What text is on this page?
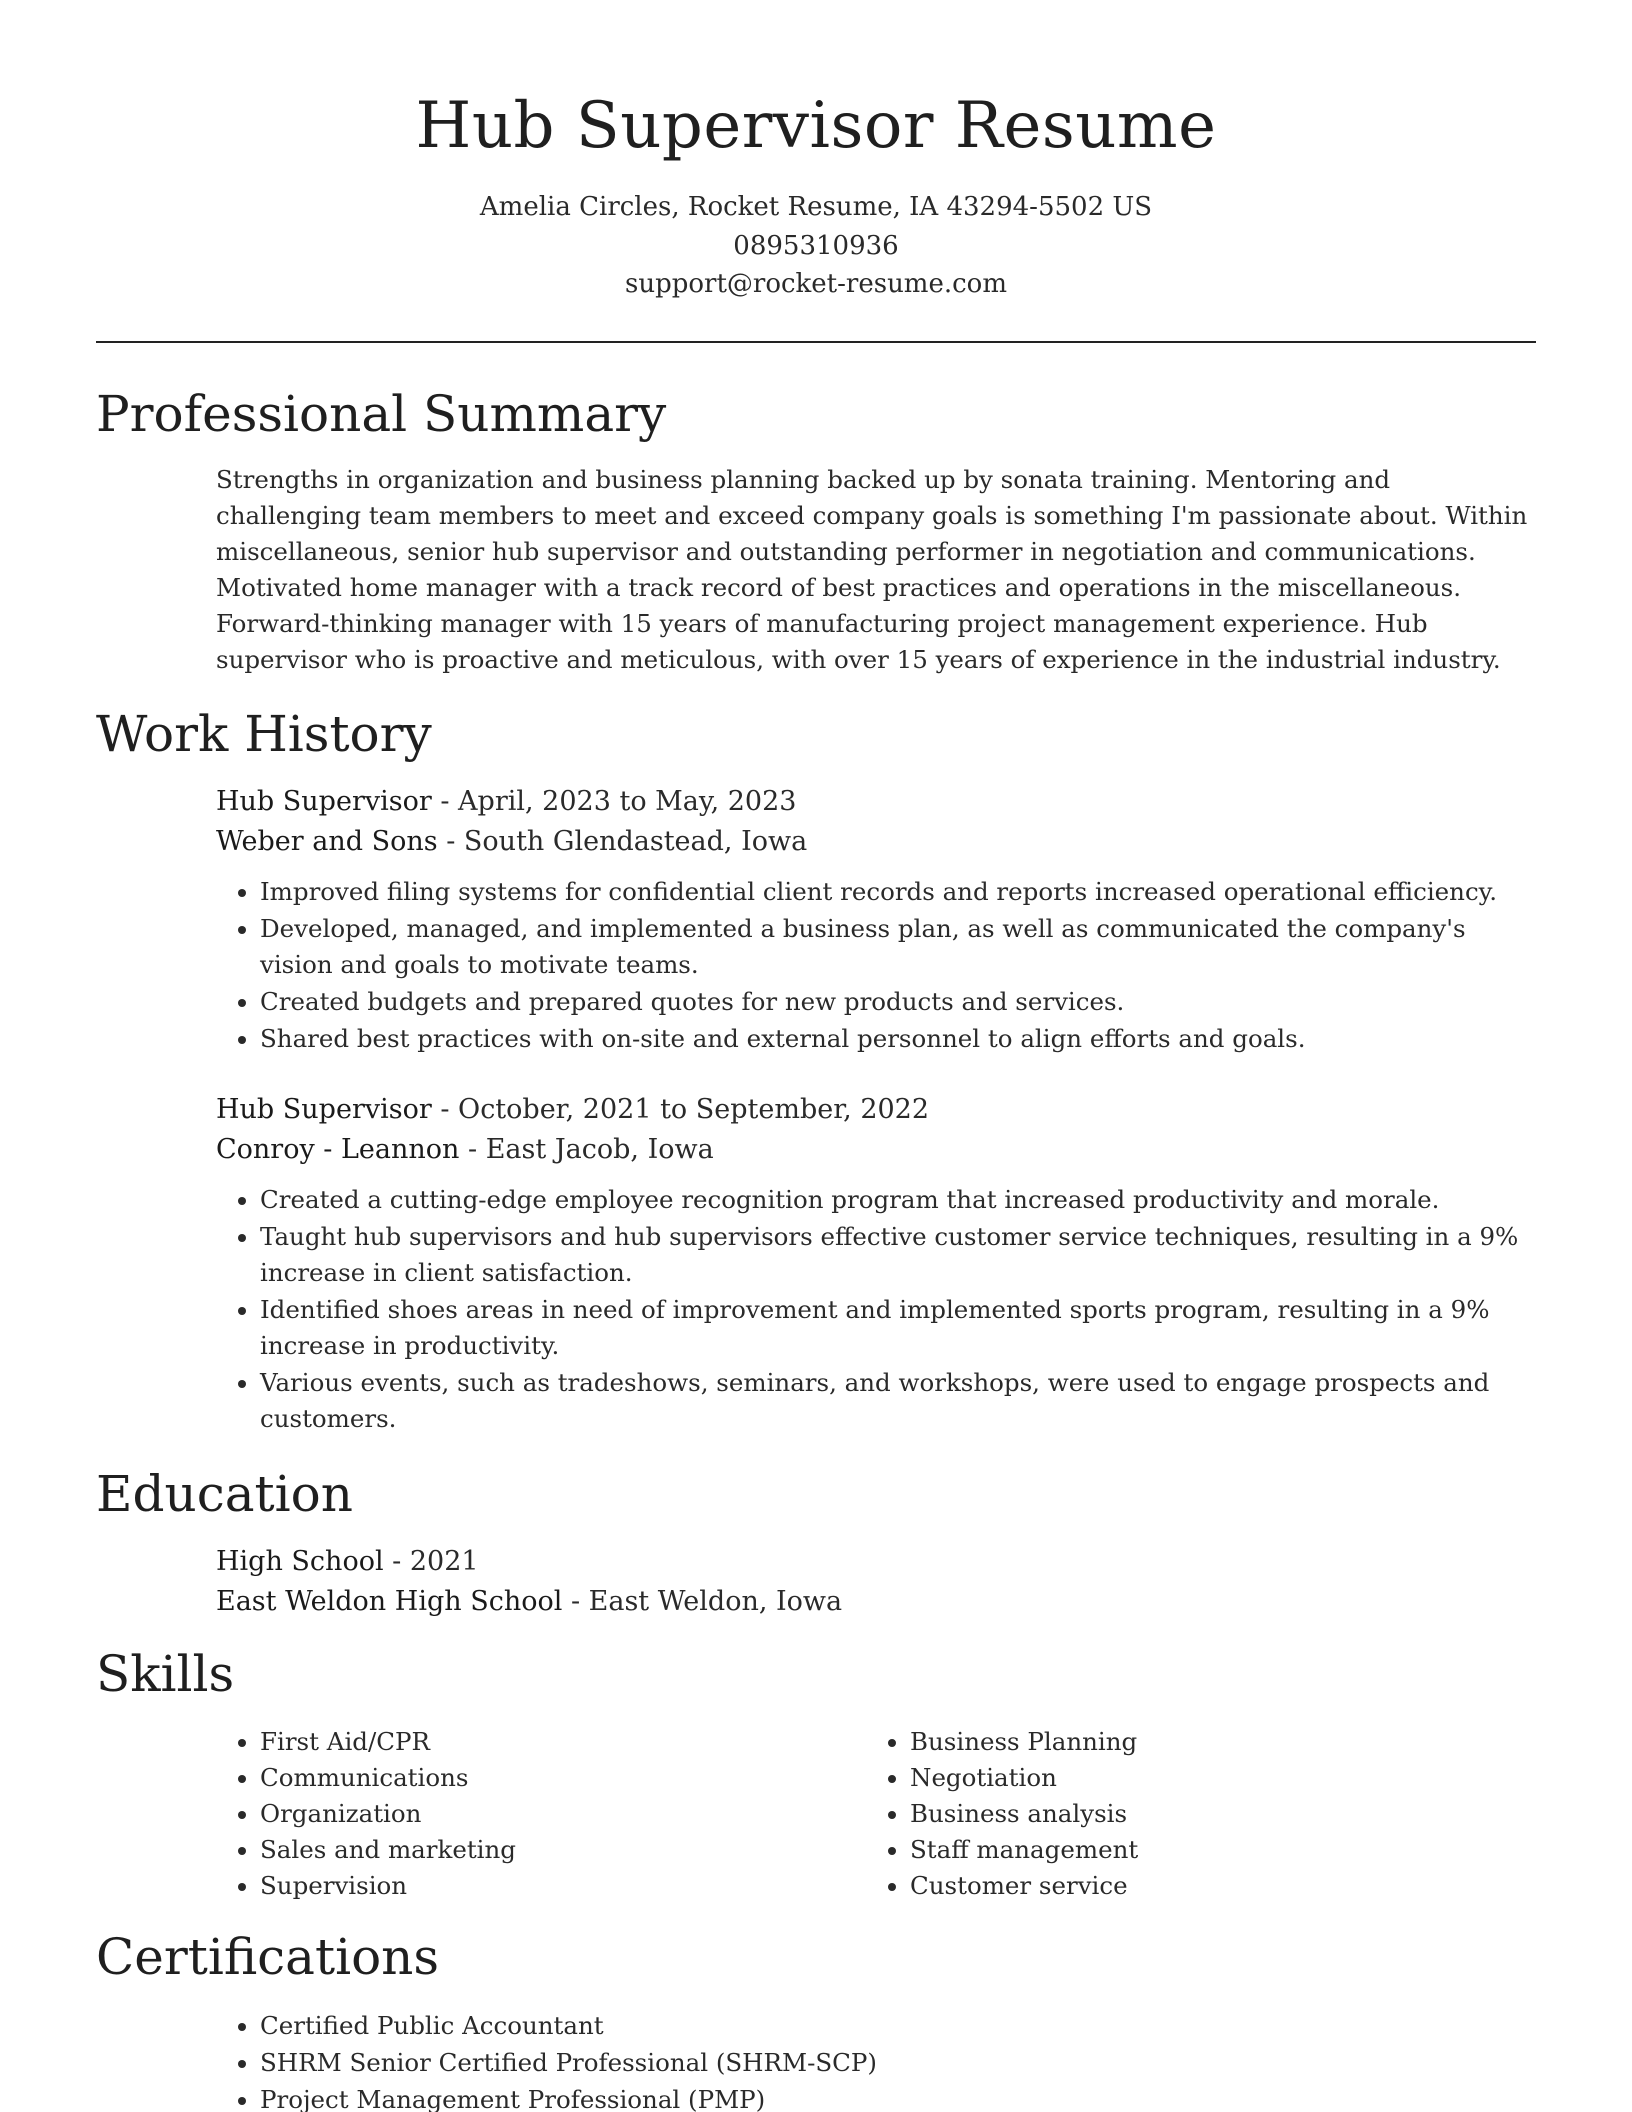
Hub Supervisor Resume
Amelia Circles, Rocket Resume, IA 43294-5502 US
0895310936
support@rocket-resume.com
Professional Summary

Strengths in organization and business planning backed up by sonata training. Mentoring and challenging team members to meet and exceed company goals is something I'm passionate about. Within miscellaneous, senior hub supervisor and outstanding performer in negotiation and communications. Motivated home manager with a track record of best practices and operations in the miscellaneous. Forward-thinking manager with 15 years of manufacturing project management experience. Hub supervisor who is proactive and meticulous, with over 15 years of experience in the industrial industry.

Work History
Hub Supervisor - April, 2023 to May, 2023
Weber and Sons - South Glendastead, Iowa
• Improved filing systems for confidential client records and reports increased operational efficiency.
• Developed, managed, and implemented a business plan, as well as communicated the company's vision and goals to motivate teams.
• Created budgets and prepared quotes for new products and services.
• Shared best practices with on-site and external personnel to align efforts and goals.
Hub Supervisor - October, 2021 to September, 2022
Conroy - Leannon - East Jacob, Iowa
• Created a cutting-edge employee recognition program that increased productivity and morale.
• Taught hub supervisors and hub supervisors effective customer service techniques, resulting in a 9% increase in client satisfaction.
• Identified shoes areas in need of improvement and implemented sports program, resulting in a 9% increase in productivity.
• Various events, such as tradeshows, seminars, and workshops, were used to engage prospects and customers.
Education
High School - 2021
East Weldon High School - East Weldon, Iowa
Skills
• First Aid/CPR
• Communications
• Organization
• Sales and marketing
• Supervision
• Business Planning
• Negotiation
• Business analysis
• Staff management
• Customer service
Certifications
• Certified Public Accountant
• SHRM Senior Certified Professional (SHRM-SCP)
• Project Management Professional (PMP)
